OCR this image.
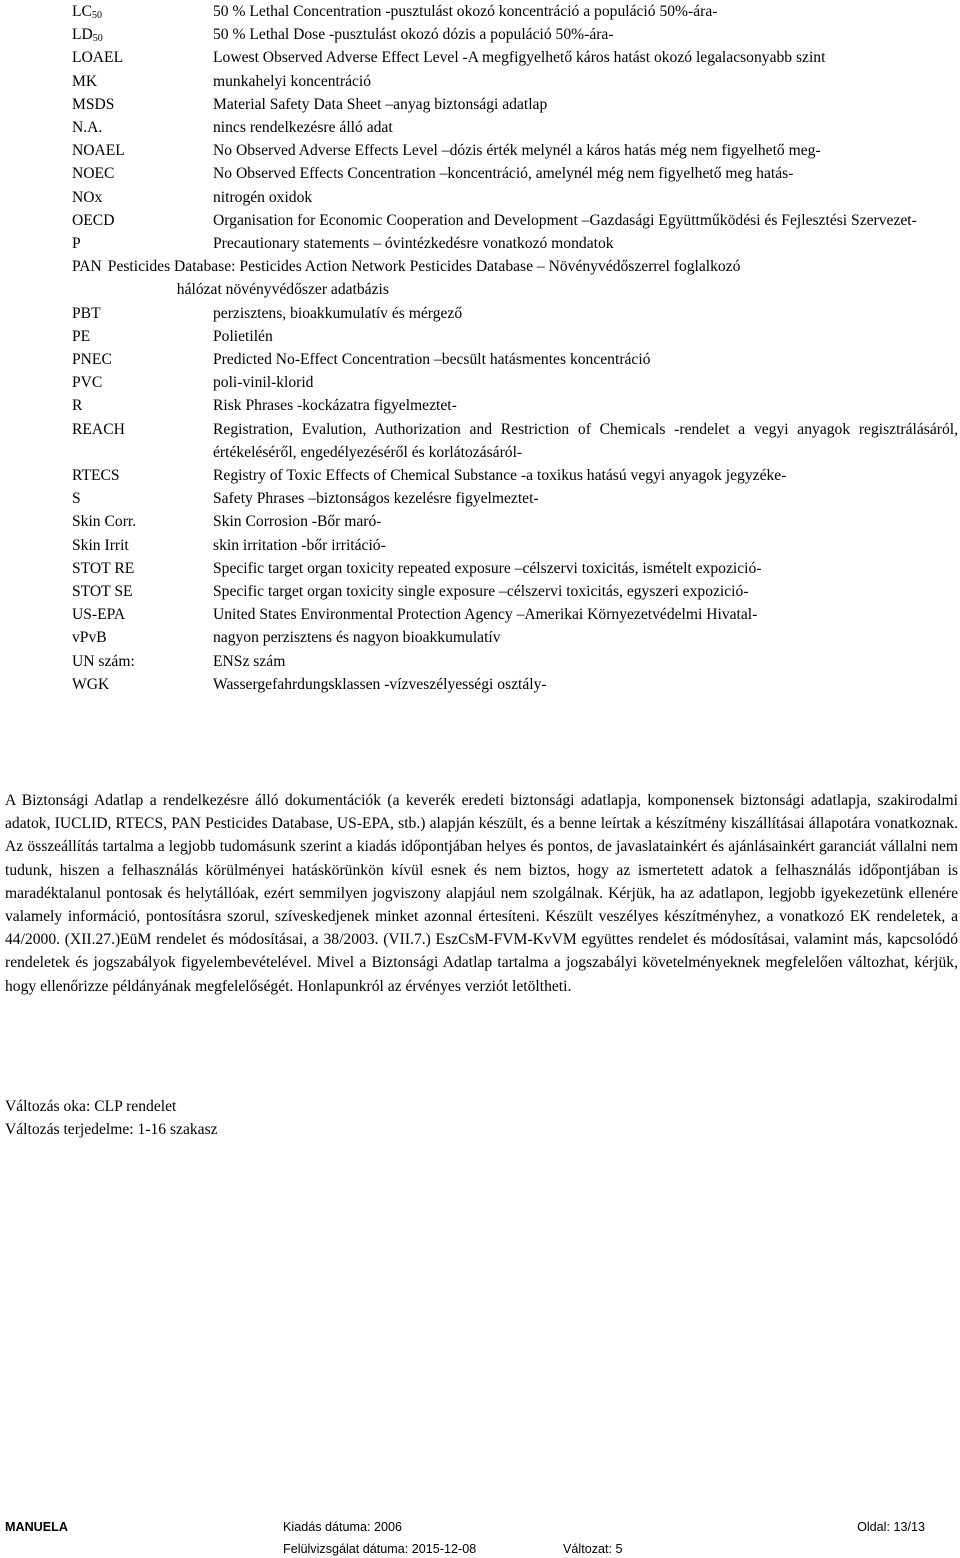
$LC_{50}$	50 % Lethal Concentration -pusztulást okozó koncentráció a populáció 50%-ára-
$LD_{50}$	50 % Lethal Dose -pusztulást okozó dózis a populáció 50%-ára-
LOAEL	Lowest Observed Adverse Effect Level -A megfigyelhető káros hatást okozó legalacsonyabb szint
MK	munkahelyi koncentráció
MSDS	Material Safety Data Sheet –anyag biztonsági adatlap
N.A.	nincs rendelkezésre álló adat
NOAEL	No Observed Adverse Effects Level –dózis érték melynél a káros hatás még nem figyelhető meg-
NOEC	No Observed Effects Concentration –koncentráció, amelynél még nem figyelhető meg hatás-
NOx	nitrogén oxidok
OECD	Organisation for Economic Cooperation and Development –Gazdasági Együttműködési és Fejlesztési Szervezet-
P	Precautionary statements – óvintézkedésre vonatkozó mondatok
PAN Pesticides Database: Pesticides Action Network Pesticides Database – Növényvédőszerrel foglalkozó
hálózat növényvédőszer adatbázis
PBT	perzisztens, bioakkumulatív és mérgező
PE	Polietilén
PNEC	Predicted No-Effect Concentration –becsült hatásmentes koncentráció
PVC	poli-vinil-klorid
R	Risk Phrases -kockázatra figyelmeztet-
REACH	Registration, Evalution, Authorization and Restriction of Chemicals -rendelet a vegyi anyagok regisztrálásáról, értékeléséről, engedélyezéséről és korlátozásáról-
RTECS	Registry of Toxic Effects of Chemical Substance -a toxikus hatású vegyi anyagok jegyzéke-
S	Safety Phrases –biztonságos kezelésre figyelmeztet-
Skin Corr.	Skin Corrosion -Bőr maró-
Skin Irrit	skin irritation -bőr irritáció-
STOT RE	Specific target organ toxicity repeated exposure –célszervi toxicitás, ismételt expozició-
STOT SE	Specific target organ toxicity single exposure –célszervi toxicitás, egyszeri expozició-
US-EPA	United States Environmental Protection Agency –Amerikai Környezetvédelmi Hivatal-
vPvB	nagyon perzisztens és nagyon bioakkumulatív
UN szám:	ENSz szám
WGK	Wassergefahrdungsklassen -vízveszélyességi osztály-

A Biztonsági Adatlap a rendelkezésre álló dokumentációk (a keverék eredeti biztonsági adatlapja, komponensek biztonsági adatlapja, szakirodalmi adatok, IUCLID, RTECS, PAN Pesticides Database, US-EPA, stb.) alapján készült, és a benne leírtak a készítmény kiszállításai állapotára vonatkoznak. Az összeállítás tartalma a legjobb tudomásunk szerint a kiadás időpontjában helyes és pontos, de javaslatainkért és ajánlásainkért garanciát vállalni nem tudunk, hiszen a felhasználás körülményei hatáskörünkön kívül esnek és nem biztos, hogy az ismertetett adatok a felhasználás időpontjában is maradéktalanul pontosak és helytállóak, ezért semmilyen jogviszony alapjául nem szolgálnak. Kérjük, ha az adatlapon, legjobb igyekezetünk ellenére valamely információ, pontosításra szorul, szíveskedjenek minket azonnal értesíteni. Készült veszélyes készítményhez, a vonatkozó EK rendeletek, a 44/2000. (XII.27.)EüM rendelet és módosításai, a 38/2003. (VII.7.) EszCsM-FVM-KvVM együttes rendelet és módosításai, valamint más, kapcsolódó rendeletek és jogszabályok figyelembevételével. Mivel a Biztonsági Adatlap tartalma a jogszabályi követelményeknek megfelelően változhat, kérjük, hogy ellenőrizze példányának megfelelőségét. Honlapunkról az érvényes verziót letöltheti.

Változás oka: CLP rendelet

Változás terjedelme: 1-16 szakasz

MANUELA	Kiadás dátuma: 2006	Oldal: 13/13
Felülvizsgálat dátuma: 2015-12-08	Változat: 5
